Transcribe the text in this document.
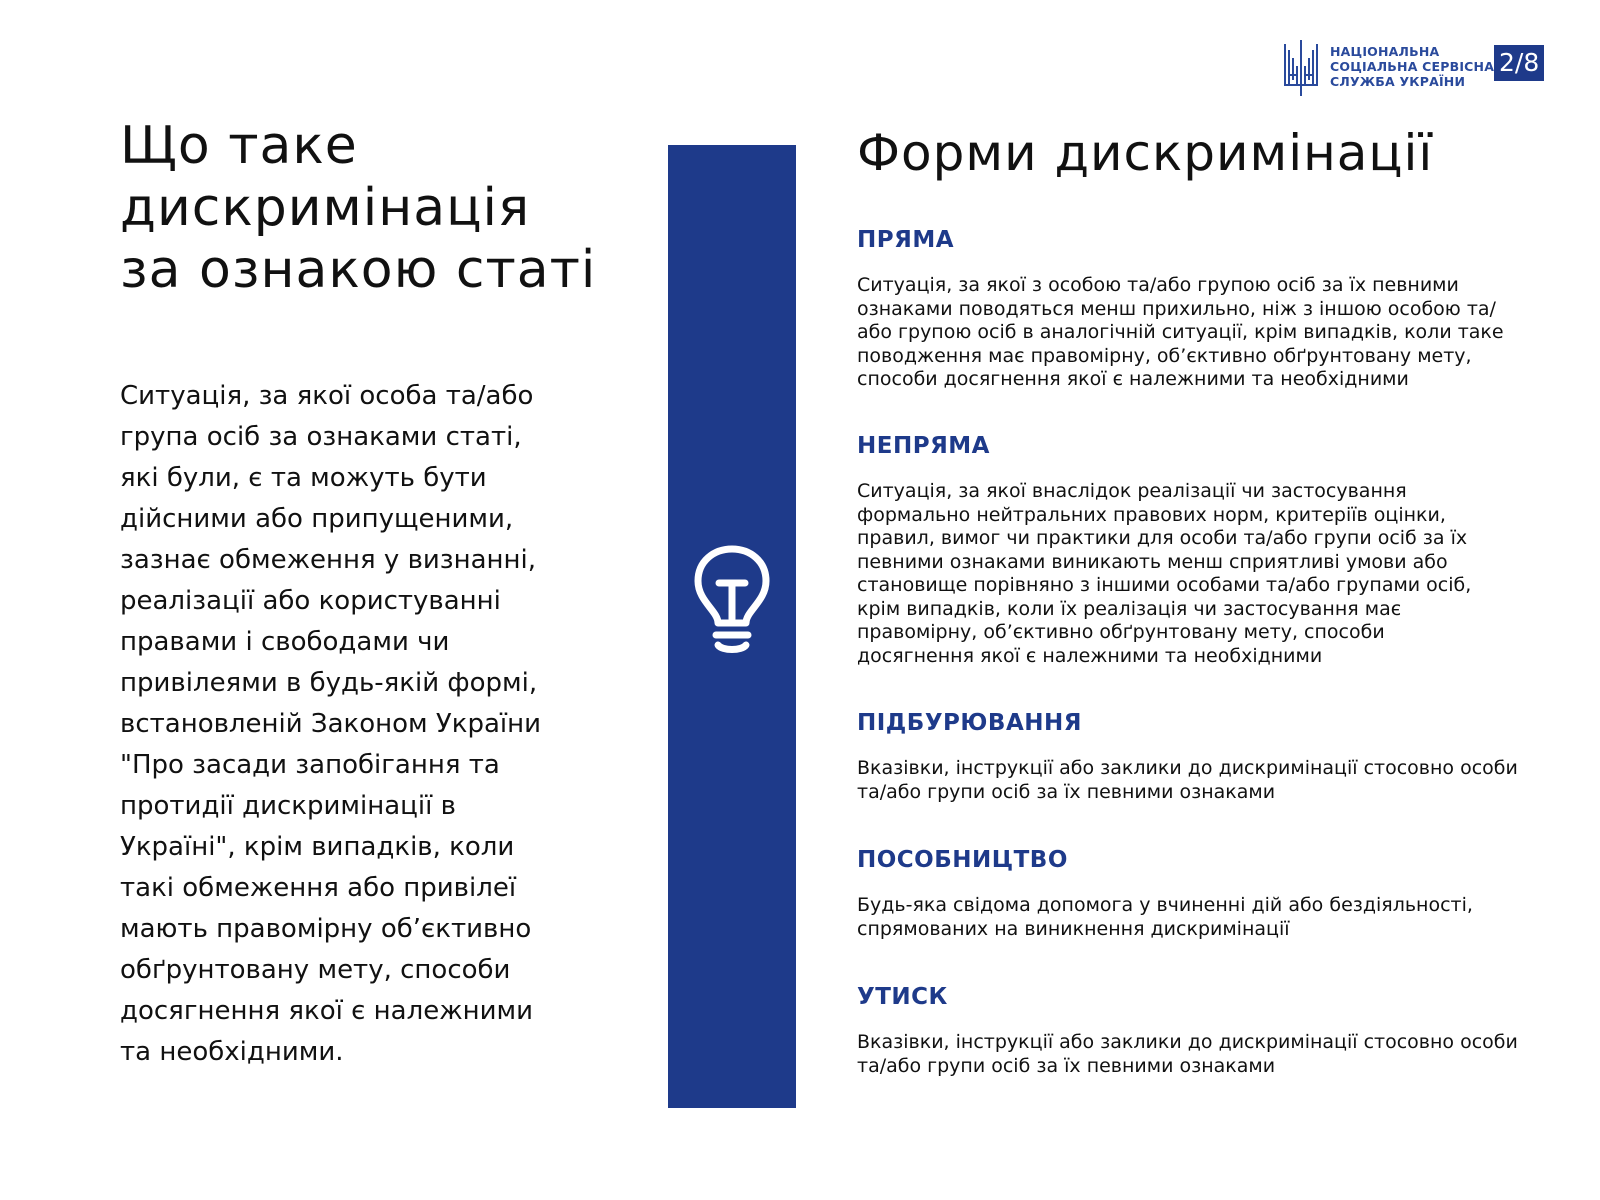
НАЦІОНАЛЬНА
СОЦІАЛЬНА СЕРВІСНА
СЛУЖБА УКРАЇНИ
2/8
Що таке
дискримінація
за ознакою статі

Ситуація, за якої особа та/або
група осіб за ознаками статі,
які були, є та можуть бути
дійсними або припущеними,
зазнає обмеження у визнанні,
реалізації або користуванні
правами і свободами чи
привілеями в будь-якій формі,
встановленій Законом України
"Про засади запобігання та
протидії дискримінації в
Україні", крім випадків, коли
такі обмеження або привілеї
мають правомірну об’єктивно
обґрунтовану мету, способи
досягнення якої є належними
та необхідними.

Форми дискримінації
ПРЯМА

Ситуація, за якої з особою та/або групою осіб за їх певними
ознаками поводяться менш прихильно, ніж з іншою особою та/
або групою осіб в аналогічній ситуації, крім випадків, коли таке
поводження має правомірну, об’єктивно обґрунтовану мету,
способи досягнення якої є належними та необхідними

НЕПРЯМА

Ситуація, за якої внаслідок реалізації чи застосування
формально нейтральних правових норм, критеріїв оцінки,
правил, вимог чи практики для особи та/або групи осіб за їх
певними ознаками виникають менш сприятливі умови або
становище порівняно з іншими особами та/або групами осіб,
крім випадків, коли їх реалізація чи застосування має
правомірну, об’єктивно обґрунтовану мету, способи
досягнення якої є належними та необхідними

ПІДБУРЮВАННЯ

Вказівки, інструкції або заклики до дискримінації стосовно особи
та/або групи осіб за їх певними ознаками

ПОСОБНИЦТВО

Будь-яка свідома допомога у вчиненні дій або бездіяльності,
спрямованих на виникнення дискримінації

УТИСК

Вказівки, інструкції або заклики до дискримінації стосовно особи
та/або групи осіб за їх певними ознаками
